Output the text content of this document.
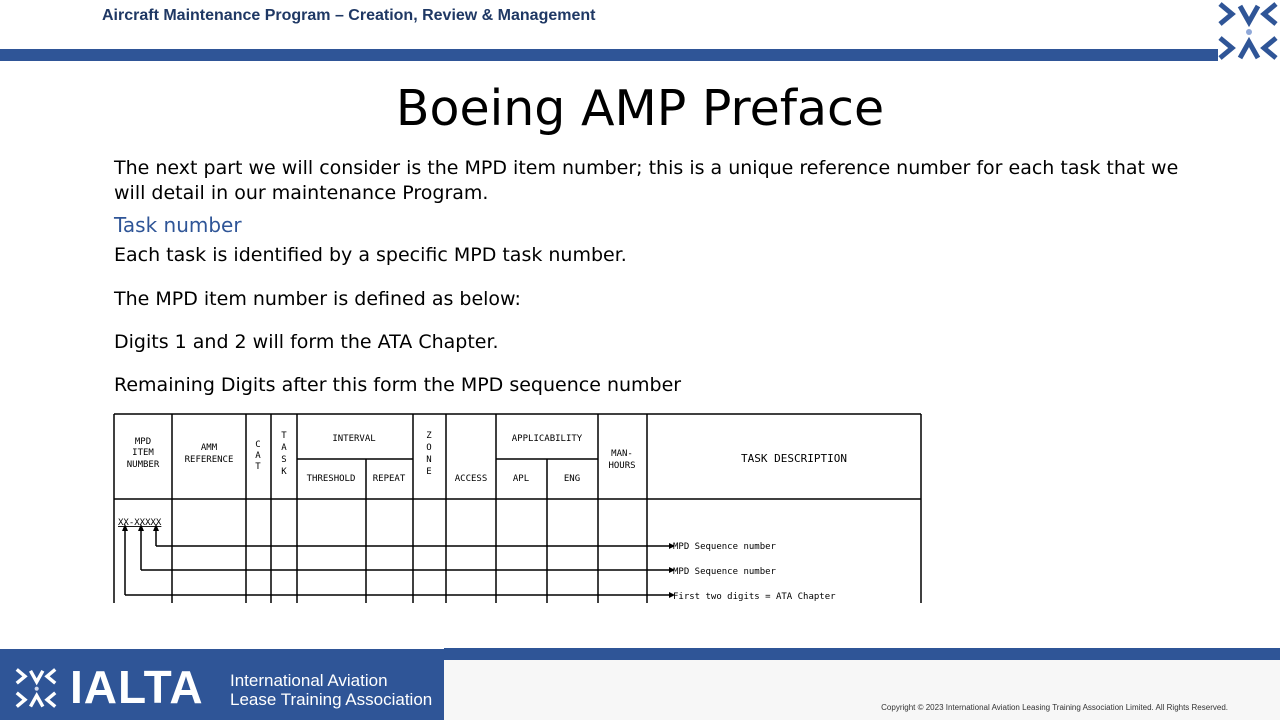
Aircraft Maintenance Program – Creation, Review & Management
Boeing AMP Preface
The next part we will consider is the MPD item number; this is a unique reference number for each task that we
will detail in our maintenance Program.
Task number
Each task is identified by a specific MPD task number.
The MPD item number is defined as below:
Digits 1 and 2 will form the ATA Chapter.
Remaining Digits after this form the MPD sequence number
MPD
ITEM
NUMBER
AMM
REFERENCE
C
A
T
T
A
S
K
INTERVAL
THRESHOLD REPEAT
Z
O
N
E
ACCESS
APPLICABILITY
APL	ENG
MAN-
HOURS
TASK DESCRIPTION
XX-XXXXX
MPD Sequence number
MPD Sequence number
First two digits = ATA Chapter
IALTA International Aviation
Lease Training Association	Copyright © 2023 International Aviation Leasing Training Association Limited. All Rights Reserved.
